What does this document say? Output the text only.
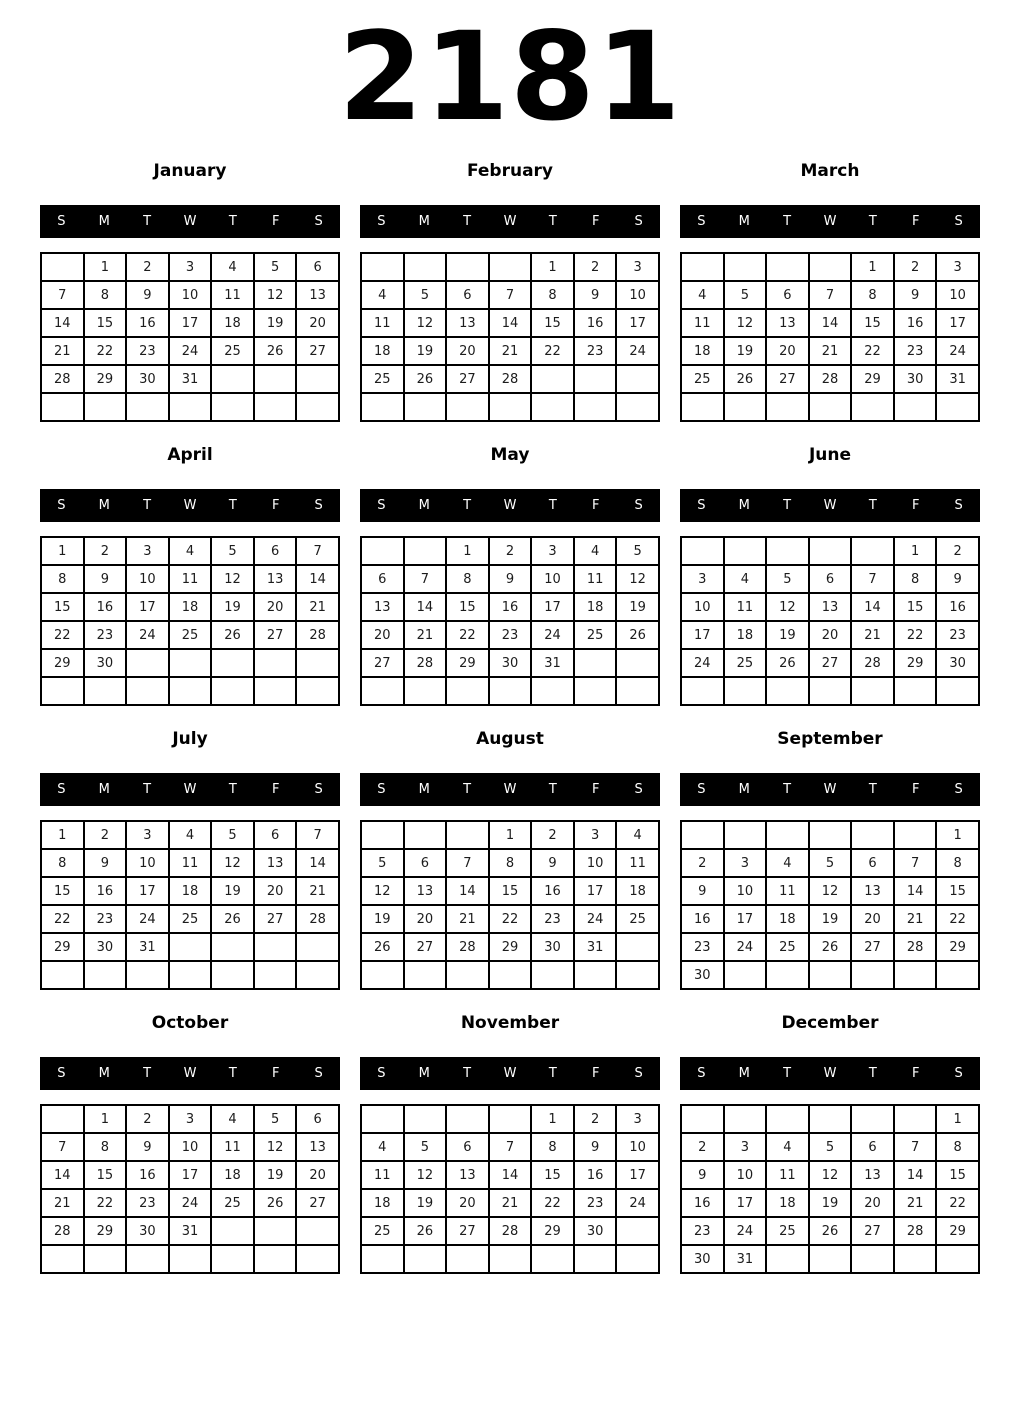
2181
January
S	M	T	W	T	F	S
	1	2	3	4	5	6
7	8	9	10	11	12	13
14	15	16	17	18	19	20
21	22	23	24	25	26	27
28	29	30	31			

February
S	M	T	W	T	F	S
				1	2	3
4	5	6	7	8	9	10
11	12	13	14	15	16	17
18	19	20	21	22	23	24
25	26	27	28			

March
S	M	T	W	T	F	S
				1	2	3
4	5	6	7	8	9	10
11	12	13	14	15	16	17
18	19	20	21	22	23	24
25	26	27	28	29	30	31

April
S	M	T	W	T	F	S
1	2	3	4	5	6	7
8	9	10	11	12	13	14
15	16	17	18	19	20	21
22	23	24	25	26	27	28
29	30					

May
S	M	T	W	T	F	S
		1	2	3	4	5
6	7	8	9	10	11	12
13	14	15	16	17	18	19
20	21	22	23	24	25	26
27	28	29	30	31		

June
S	M	T	W	T	F	S
					1	2
3	4	5	6	7	8	9
10	11	12	13	14	15	16
17	18	19	20	21	22	23
24	25	26	27	28	29	30

July
S	M	T	W	T	F	S
1	2	3	4	5	6	7
8	9	10	11	12	13	14
15	16	17	18	19	20	21
22	23	24	25	26	27	28
29	30	31				

August
S	M	T	W	T	F	S
			1	2	3	4
5	6	7	8	9	10	11
12	13	14	15	16	17	18
19	20	21	22	23	24	25
26	27	28	29	30	31	

September
S	M	T	W	T	F	S
						1
2	3	4	5	6	7	8
9	10	11	12	13	14	15
16	17	18	19	20	21	22
23	24	25	26	27	28	29
30						
October
S	M	T	W	T	F	S
	1	2	3	4	5	6
7	8	9	10	11	12	13
14	15	16	17	18	19	20
21	22	23	24	25	26	27
28	29	30	31			

November
S	M	T	W	T	F	S
				1	2	3
4	5	6	7	8	9	10
11	12	13	14	15	16	17
18	19	20	21	22	23	24
25	26	27	28	29	30	

December
S	M	T	W	T	F	S
						1
2	3	4	5	6	7	8
9	10	11	12	13	14	15
16	17	18	19	20	21	22
23	24	25	26	27	28	29
30	31					
